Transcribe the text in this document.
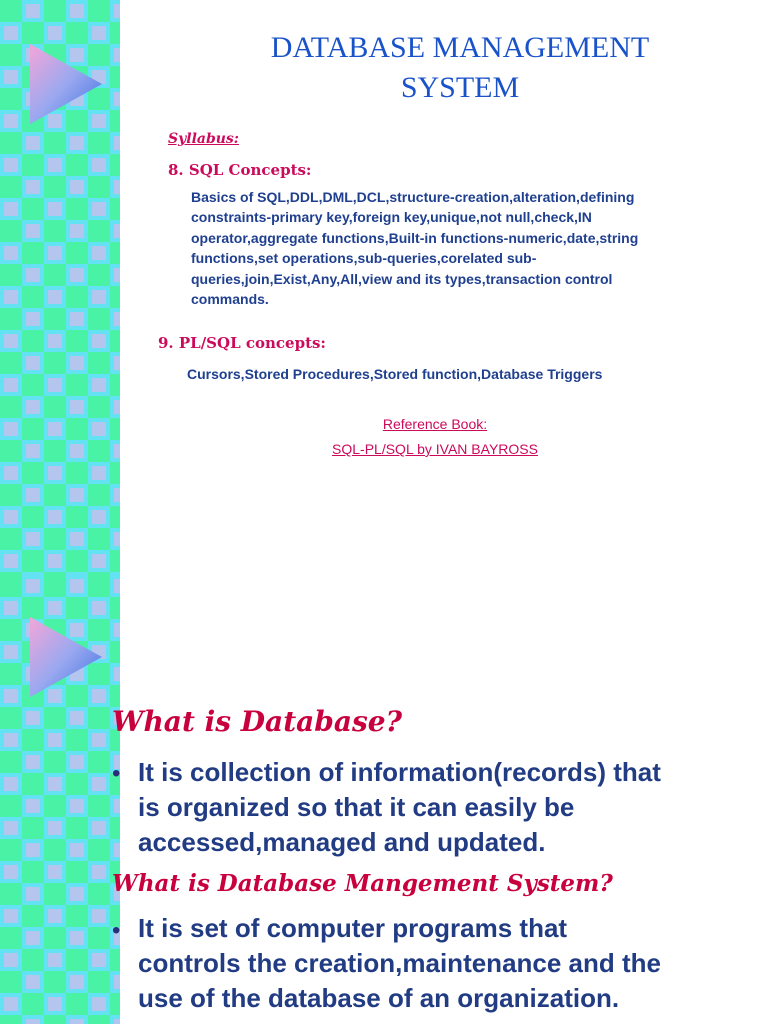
DATABASE MANAGEMENT
SYSTEM
Syllabus:
8. SQL Concepts:
Basics of SQL,DDL,DML,DCL,structure-creation,alteration,defining
constraints-primary key,foreign key,unique,not null,check,IN
operator,aggregate functions,Built-in functions-numeric,date,string
functions,set operations,sub-queries,corelated sub-
queries,join,Exist,Any,All,view and its types,transaction control
commands.
9. PL/SQL concepts:
Cursors,Stored Procedures,Stored function,Database Triggers
Reference Book:
SQL-PL/SQL by IVAN BAYROSS
What is Database?
• It is collection of information(records) that
is organized so that it can easily be
accessed,managed and updated.
What is Database Mangement System?
• It is set of computer programs that
controls the creation,maintenance and the
use of the database of an organization.
